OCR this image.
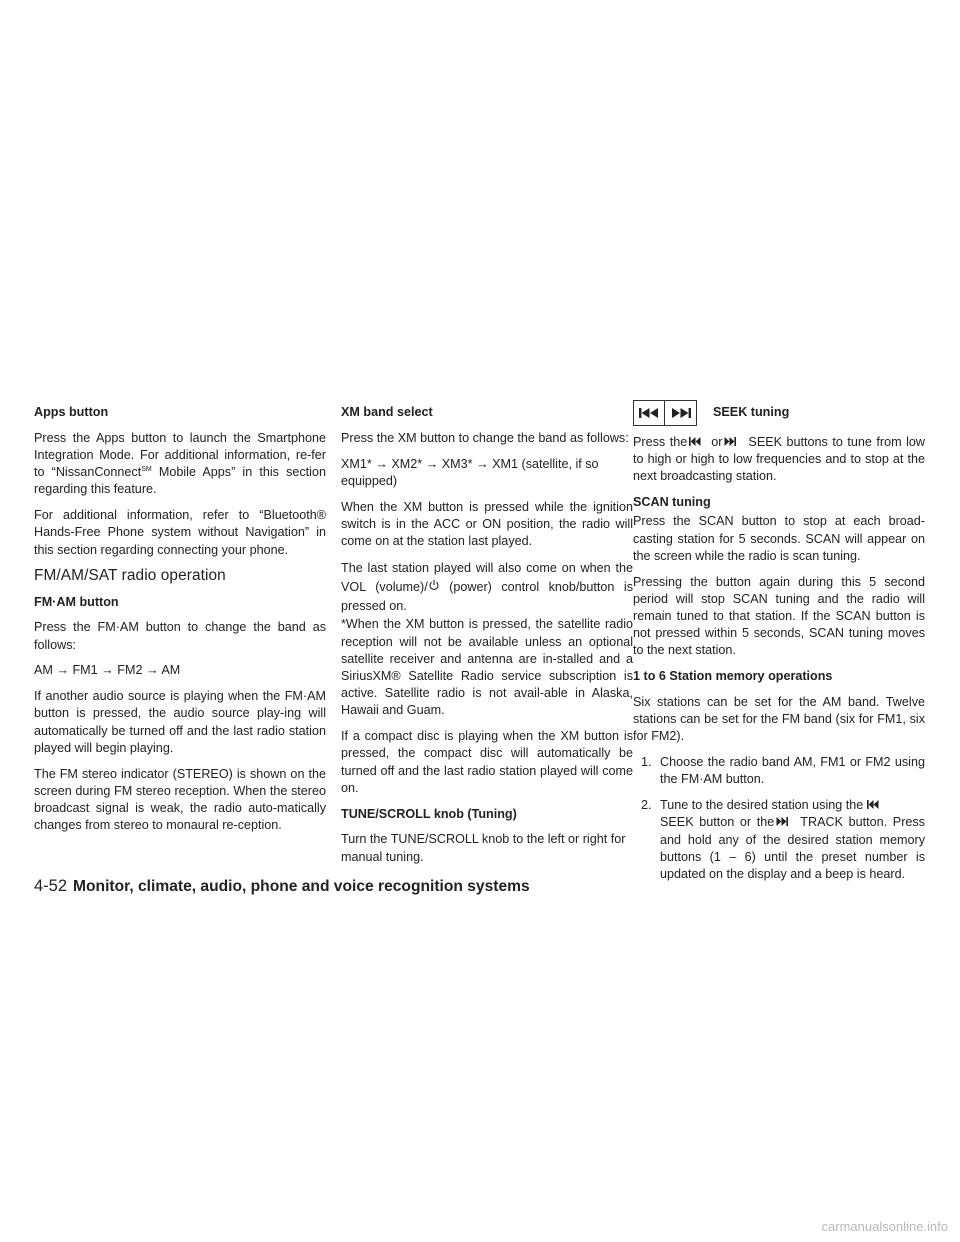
Apps button

Press the Apps button to launch the Smartphone Integration Mode. For additional information, re-fer to “NissanConnect℠ Mobile Apps” in this section regarding this feature.

For additional information, refer to “Bluetooth® Hands-Free Phone system without Navigation” in this section regarding connecting your phone.

FM/AM/SAT radio operation
FM·AM button

Press the FM·AM button to change the band as follows:

AM → FM1 → FM2 → AM

If another audio source is playing when the FM·AM button is pressed, the audio source play-ing will automatically be turned off and the last radio station played will begin playing.

The FM stereo indicator (STEREO) is shown on the screen during FM stereo reception. When the stereo broadcast signal is weak, the radio auto-matically changes from stereo to monaural re-ception.

XM band select

Press the XM button to change the band as follows:

XM1* → XM2* → XM3* → XM1 (satellite, if so equipped)

When the XM button is pressed while the ignition switch is in the ACC or ON position, the radio will come on at the station last played.

The last station played will also come on when the VOL (volume)/
(power) control knob/button is pressed on.

*When the XM button is pressed, the satellite radio reception will not be available unless an optional satellite receiver and antenna are in-stalled and a SiriusXM® Satellite Radio service subscription is active. Satellite radio is not avail-able in Alaska, Hawaii and Guam.

If a compact disc is playing when the XM button is pressed, the compact disc will automatically be turned off and the last radio station played will come on.

TUNE/SCROLL knob (Tuning)

Turn the TUNE/SCROLL knob to the left or right for manual tuning.

SEEK tuning

Press the or SEEK buttons to tune from low to high or high to low frequencies and to stop at the next broadcasting station.

SCAN tuning

Press the SCAN button to stop at each broad-casting station for 5 seconds. SCAN will appear on the screen while the radio is scan tuning.

Pressing the button again during this 5 second period will stop SCAN tuning and the radio will remain tuned to that station. If the SCAN button is not pressed within 5 seconds, SCAN tuning moves to the next station.

1 to 6 Station memory operations

Six stations can be set for the AM band. Twelve stations can be set for the FM band (six for FM1, six for FM2).

1. Choose the radio band AM, FM1 or FM2 using the FM·AM button.
2. Tune to the desired station using the

SEEK button or the TRACK button. Press and hold any of the desired station memory buttons (1 – 6) until the preset number is updated on the display and a beep is heard.
4-52 Monitor, climate, audio, phone and voice recognition systems
carmanualsonline.info
